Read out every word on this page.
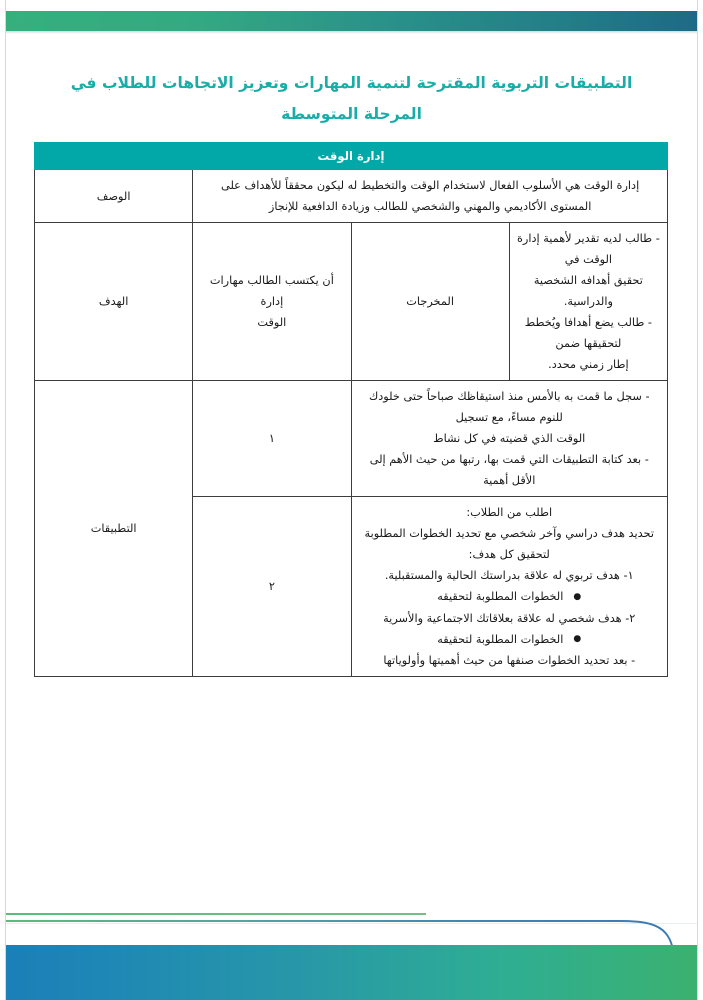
التطبيقات التربوية المقترحة لتنمية المهارات وتعزيز الاتجاهات للطلاب في المرحلة المتوسطة
إدارة الوقت			

إدارة الوقت هي الأسلوب الفعال لاستخدام الوقت والتخطيط له ليكون محققاً للأهداف على
المستوى الأكاديمي والمهني والشخصي للطالب وزيادة الدافعية للإنجاز			الوصف

- طالب لديه تقدير لأهمية إدارة الوقت في
تحقيق أهدافه الشخصية والدراسية.
- طالب يضع أهدافا ويُخطط لتحقيقها ضمن
إطار زمني محدد.	المخرجات	أن يكتسب الطالب مهارات إدارة
الوقت	الهدف

- سجل ما قمت به بالأمس منذ استيقاظك صباحاً حتى خلودك للنوم مساءً، مع تسجيل
الوقت الذي قضيته في كل نشاط
- بعد كتابة التطبيقات التي قمت بها، رتبها من حيث الأهم إلى الأقل أهمية		١	التطبيقات

اطلب من الطلاب:
تحديد هدف دراسي وآخر شخصي مع تحديد الخطوات المطلوبة لتحقيق كل هدف:
١- هدف تربوي له علاقة بدراستك الحالية والمستقبلية.
●الخطوات المطلوبة لتحقيقه
٢- هدف شخصي له علاقة بعلاقاتك الاجتماعية والأسرية
●الخطوات المطلوبة لتحقيقه
- بعد تحديد الخطوات صنفها من حيث أهميتها وأولوياتها
	٢
